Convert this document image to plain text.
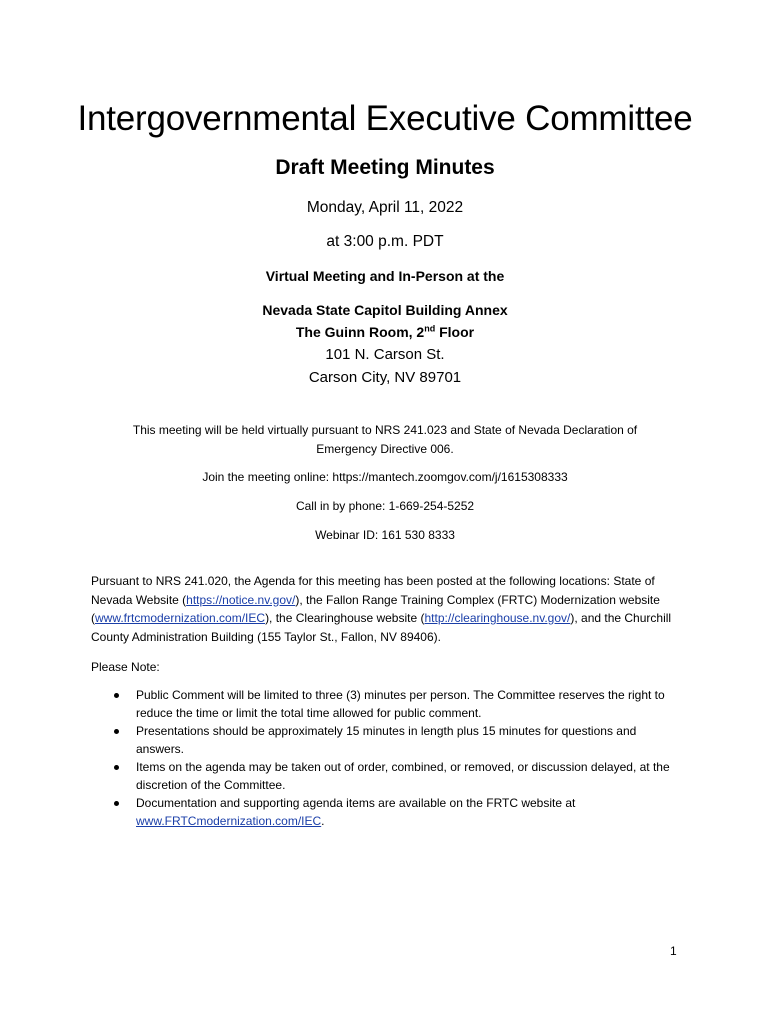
Intergovernmental Executive Committee
Draft Meeting Minutes
Monday, April 11, 2022
at 3:00 p.m. PDT
Virtual Meeting and In-Person at the
Nevada State Capitol Building Annex
The Guinn Room, 2nd Floor
101 N. Carson St.
Carson City, NV 89701
This meeting will be held virtually pursuant to NRS 241.023 and State of Nevada Declaration of Emergency Directive 006.
Join the meeting online: https://mantech.zoomgov.com/j/1615308333
Call in by phone: 1-669-254-5252
Webinar ID: 161 530 8333
Pursuant to NRS 241.020, the Agenda for this meeting has been posted at the following locations: State of Nevada Website (https://notice.nv.gov/), the Fallon Range Training Complex (FRTC) Modernization website (www.frtcmodernization.com/IEC), the Clearinghouse website (http://clearinghouse.nv.gov/), and the Churchill County Administration Building (155 Taylor St., Fallon, NV 89406).
Please Note:
Public Comment will be limited to three (3) minutes per person. The Committee reserves the right to reduce the time or limit the total time allowed for public comment.
Presentations should be approximately 15 minutes in length plus 15 minutes for questions and answers.
Items on the agenda may be taken out of order, combined, or removed, or discussion delayed, at the discretion of the Committee.
Documentation and supporting agenda items are available on the FRTC website at www.FRTCmodernization.com/IEC.
1
